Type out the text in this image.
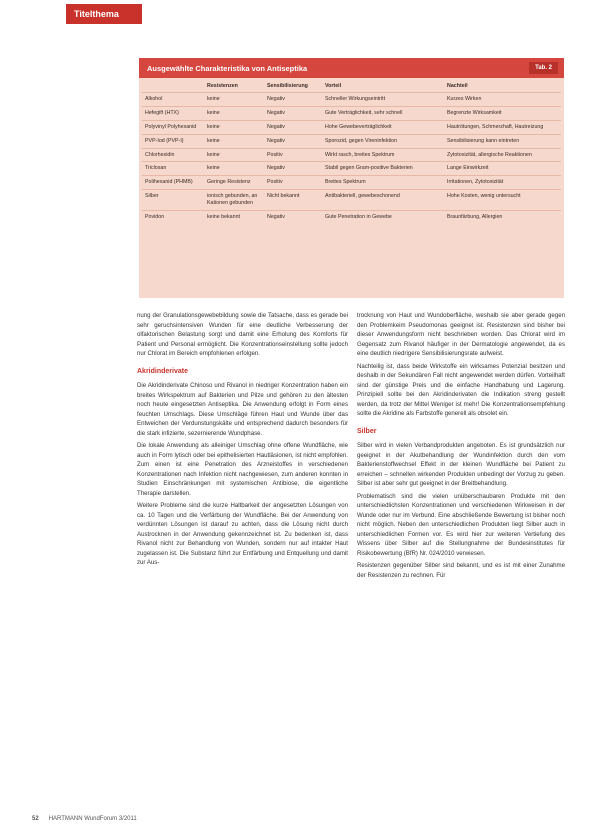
Titelthema
Ausgewählte Charakteristika von Antiseptika	Tab. 2
	Resistenzen	Sensibilisierung	Vorteil	Nachteil
Alkohol	keine	Negativ	Schneller Wirkungseintritt	Kurzes Wirken
Hefegift (HTX)	keine	Negativ	Gute Verträglichkeit, sehr schnell	Begrenzte Wirksamkeit
Polyvinyl Polyhexanid	keine	Negativ	Hohe Gewebeverträglichkeit	Hautrötungen, Schmerzhaft, Hautreizung
PVP-Iod (PVP-I)	keine	Negativ	Sporozid, gegen Vireninfektion	Sensibilisierung kann eintreten
Chlorhexidin	keine	Positiv	Wirkt rasch, breites Spektrum	Zytotoxizität, allergische Reaktionen
Triclosan	keine	Negativ	Stabil gegen Gram-positive Bakterien	Lange Einwirkzeit
Polihexanid (PHMB)	Geringe Resistenz	Positiv	Breites Spektrum	Irritationen, Zytotoxizität
Silber	ionisch gebunden, an Kationen gebunden	Nicht bekannt	Antibakteriell, gewebeschonend	Hohe Kosten, wenig untersucht
Povidon	keine bekannt	Negativ	Gute Penetration in Gewebe	Braunfärbung, Allergien

nung der Granulationsgewebebildung sowie die Tatsache, dass es gerade bei sehr geruchsintensiven Wunden für eine deutliche Verbesserung der olfaktorischen Belastung sorgt und damit eine Erholung des Komforts für Patient und Personal ermöglicht. Die Konzentrationseinstellung sollte jedoch nur Chlorat im Bereich empfohlenen erfolgen.

Akridinderivate

Die Akridinderivate Chinoso und Rivanol in niedriger Konzentration haben ein breites Wirkspektrum auf Bakterien und Pilze und gehören zu den ältesten noch heute eingesetzten Antiseptika. Die Anwendung erfolgt in Form eines feuchten Umschlags. Diese Umschläge führen Haut und Wunde über das Entweichen der Verdunstungskälte und entsprechend dadurch besonders für die stark infizierte, sezernierende Wundphase.

Die lokale Anwendung als alleiniger Umschlag ohne offene Wundfläche, wie auch in Form lytisch oder bei epithelisierten Hautläsionen, ist nicht empfohlen. Zum einen ist eine Penetration des Arzneistoffes in verschiedenen Konzentrationen nach Infektion nicht nachgewiesen, zum anderen konnten in Studien Einschränkungen mit systemischen Antibiose, die eigentliche Therapie darstellen.

Weitere Probleme sind die kurze Haltbarkeit der angesetzten Lösungen von ca. 10 Tagen und die Verfärbung der Wundfläche. Bei der Anwendung von verdünnten Lösungen ist darauf zu achten, dass die Lösung nicht durch Austrocknen in der Anwendung gekennzeichnet ist. Zu bedenken ist, dass Rivanol nicht zur Behandlung von Wunden, sondern nur auf intakter Haut zugelassen ist. Die Substanz führt zur Entfärbung und Entquellung und damit zur Aus-

trocknung von Haut und Wundoberfläche, weshalb sie aber gerade gegen den Problemkeim Pseudomonas geeignet ist. Resistenzen sind bisher bei dieser Anwendungsform nicht beschrieben worden. Das Chlorat wird im Gegensatz zum Rivanol häufiger in der Dermatologie angewendet, da es eine deutlich niedrigere Sensibilisierungsrate aufweist.

Nachteilig ist, dass beide Wirkstoffe ein wirksames Potenzial besitzen und deshalb in der Sekundären Fall nicht angewendet werden dürfen. Vorteilhaft sind der günstige Preis und die einfache Handhabung und Lagerung. Prinzipiell sollte bei den Akridinderivaten die Indikation streng gestellt werden, da trotz der Mittel Weniger ist mehr! Die Konzentrationsempfehlung sollte die Akridine als Farbstoffe generell als obsolet ein.

Silber

Silber wird in vielen Verbandprodukten angeboten. Es ist grundsätzlich nur geeignet in der Akutbehandlung der Wundinfektion durch den vom Bakterienstoffwechsel Effekt in der kleinen Wundfläche bei Patient zu erreichen – schnellen wirkenden Produkten unbedingt der Vorzug zu geben. Silber ist aber sehr gut geeignet in der Breitbehandlung.

Problematisch sind die vielen unüberschaubaren Produkte mit den unterschiedlichsten Konzentrationen und verschiedenen Wirkweisen in der Wunde oder nur im Verbund. Eine abschließende Bewertung ist bisher noch nicht möglich. Neben den unterschiedlichen Produkten liegt Silber auch in unterschiedlichen Formen vor. Es wird hier zur weiteren Vertiefung des Wissens über Silber auf die Stellungnahme der Bundesinstitutes für Risikobewertung (BfR) Nr. 024/2010 verwiesen.

Resistenzen gegenüber Silber sind bekannt, und es ist mit einer Zunahme der Resistenzen zu rechnen. Für

52 HARTMANN WundForum 3/2011
